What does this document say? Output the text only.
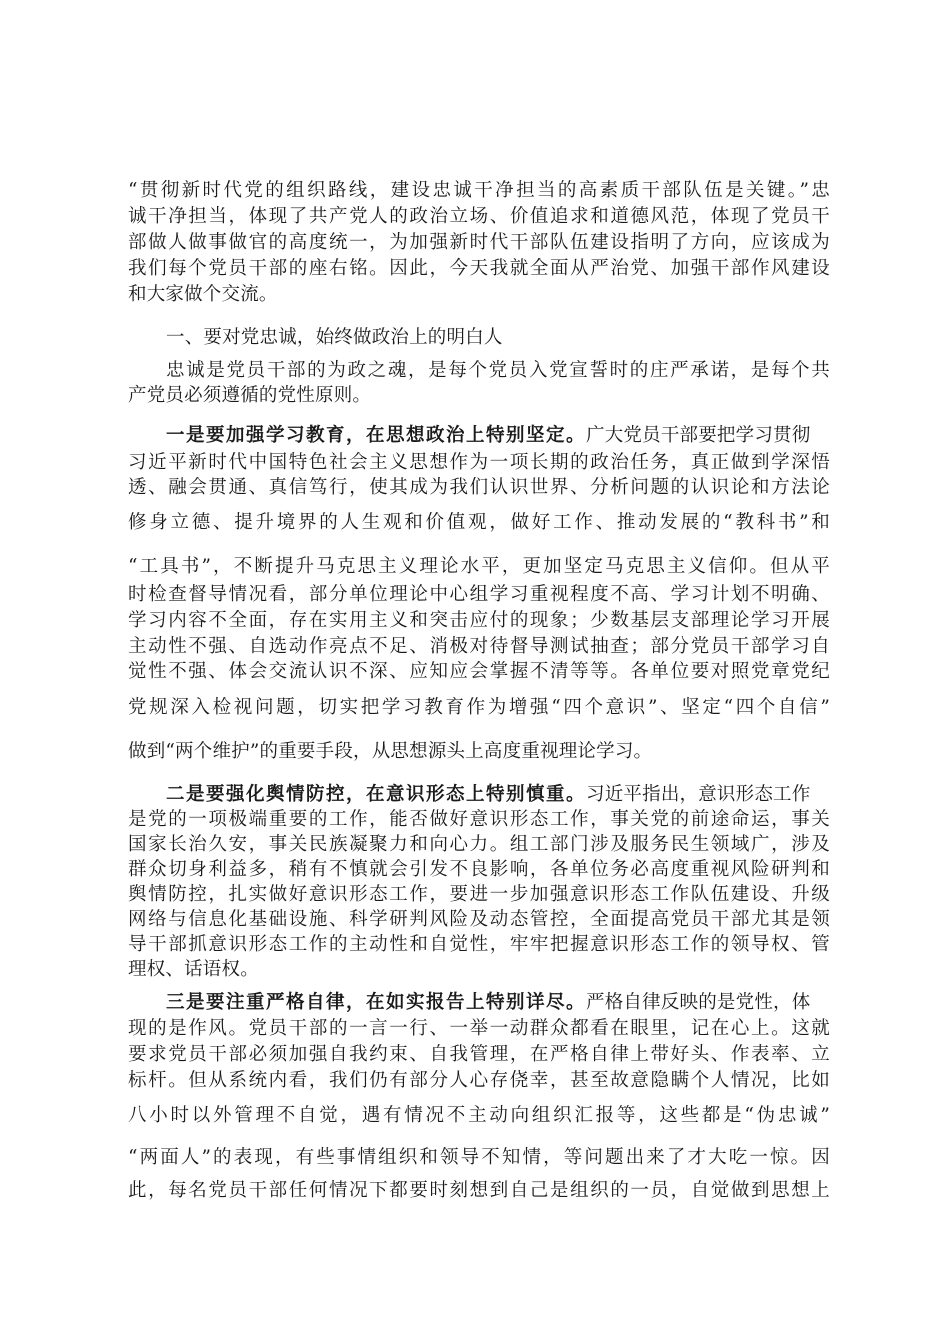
“贯彻新时代党的组织路线，建设忠诚干净担当的高素质干部队伍是关键。”忠
诚干净担当，体现了共产党人的政治立场、价值追求和道德风范，体现了党员干
部做人做事做官的高度统一，为加强新时代干部队伍建设指明了方向，应该成为
我们每个党员干部的座右铭。因此，今天我就全面从严治党、加强干部作风建设
和大家做个交流。
一、要对党忠诚，始终做政治上的明白人
忠诚是党员干部的为政之魂，是每个党员入党宣誓时的庄严承诺，是每个共
产党员必须遵循的党性原则。
一是要加强学习教育，在思想政治上特别坚定。广大党员干部要把学习贯彻
习近平新时代中国特色社会主义思想作为一项长期的政治任务，真正做到学深悟
透、融会贯通、真信笃行，使其成为我们认识世界、分析问题的认识论和方法论
修身立德、提升境界的人生观和价值观，做好工作、推动发展的“教科书”和
“工具书”，不断提升马克思主义理论水平，更加坚定马克思主义信仰。但从平
时检查督导情况看，部分单位理论中心组学习重视程度不高、学习计划不明确、
学习内容不全面，存在实用主义和突击应付的现象；少数基层支部理论学习开展
主动性不强、自选动作亮点不足、消极对待督导测试抽查；部分党员干部学习自
觉性不强、体会交流认识不深、应知应会掌握不清等等。各单位要对照党章党纪
党规深入检视问题，切实把学习教育作为增强“四个意识”、坚定“四个自信”
做到“两个维护”的重要手段，从思想源头上高度重视理论学习。
二是要强化舆情防控，在意识形态上特别慎重。习近平指出，意识形态工作
是党的一项极端重要的工作，能否做好意识形态工作，事关党的前途命运，事关
国家长治久安，事关民族凝聚力和向心力。组工部门涉及服务民生领域广，涉及
群众切身利益多，稍有不慎就会引发不良影响，各单位务必高度重视风险研判和
舆情防控，扎实做好意识形态工作，要进一步加强意识形态工作队伍建设、升级
网络与信息化基础设施、科学研判风险及动态管控，全面提高党员干部尤其是领
导干部抓意识形态工作的主动性和自觉性，牢牢把握意识形态工作的领导权、管
理权、话语权。
三是要注重严格自律，在如实报告上特别详尽。严格自律反映的是党性，体
现的是作风。党员干部的一言一行、一举一动群众都看在眼里，记在心上。这就
要求党员干部必须加强自我约束、自我管理，在严格自律上带好头、作表率、立
标杆。但从系统内看，我们仍有部分人心存侥幸，甚至故意隐瞒个人情况，比如
八小时以外管理不自觉，遇有情况不主动向组织汇报等，这些都是“伪忠诚”
“两面人”的表现，有些事情组织和领导不知情，等问题出来了才大吃一惊。因
此，每名党员干部任何情况下都要时刻想到自己是组织的一员，自觉做到思想上
